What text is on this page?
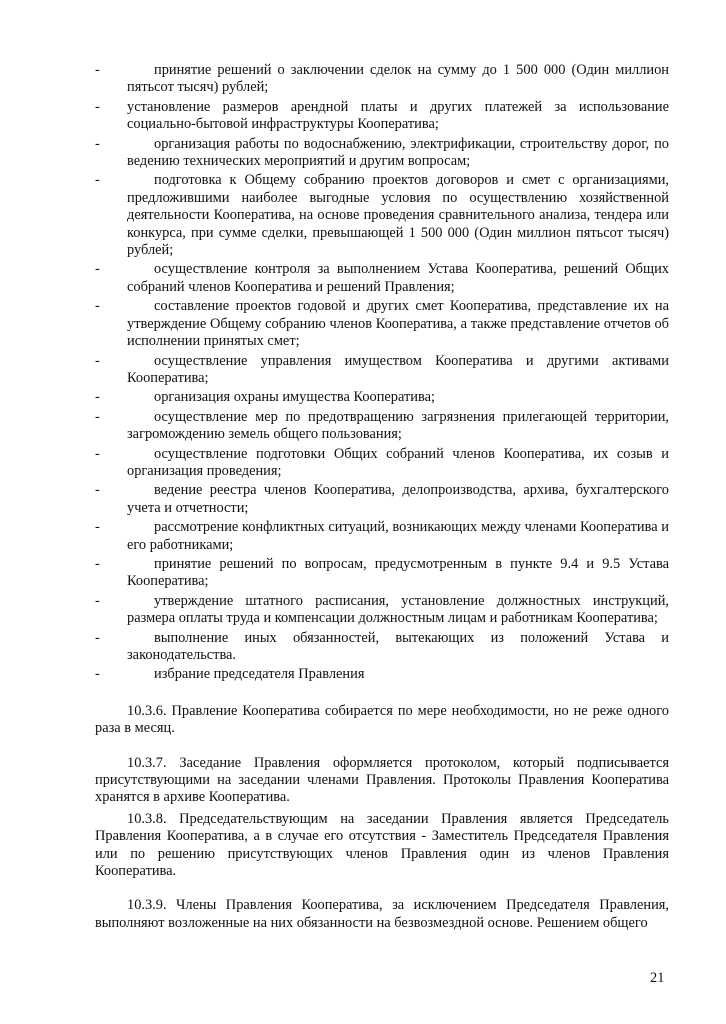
-	принятие решений о заключении сделок на сумму до 1 500 000 (Один миллион пятьсот тысяч) рублей;
- установление размеров арендной платы и других платежей за использование социально-бытовой инфраструктуры Кооператива;
-	организация работы по водоснабжению, электрификации, строительству дорог, по ведению технических мероприятий и другим вопросам;
-	подготовка к Общему собранию проектов договоров и смет с организациями, предложившими наиболее выгодные условия по осуществлению хозяйственной деятельности Кооператива, на основе проведения сравнительного анализа, тендера или конкурса, при сумме сделки, превышающей 1 500 000 (Один миллион пятьсот тысяч) рублей;
-	осуществление контроля за выполнением Устава Кооператива, решений Общих собраний членов Кооператива и решений Правления;
-	составление проектов годовой и других смет Кооператива, представление их на утверждение Общему собранию членов Кооператива, а также представление отчетов об исполнении принятых смет;
-	осуществление управления имуществом Кооператива и другими активами Кооператива;
-	организация охраны имущества Кооператива;
-	осуществление мер по предотвращению загрязнения прилегающей территории, загромождению земель общего пользования;
-	осуществление подготовки Общих собраний членов Кооператива, их созыв и организация проведения;
-	ведение реестра членов Кооператива, делопроизводства, архива, бухгалтерского учета и отчетности;
-	рассмотрение конфликтных ситуаций, возникающих между членами Кооператива и его работниками;
-	принятие решений по вопросам, предусмотренным в пункте 9.4 и 9.5 Устава Кооператива;
-	утверждение штатного расписания, установление должностных инструкций, размера оплаты труда и компенсации должностным лицам и работникам Кооператива;
-	выполнение иных обязанностей, вытекающих из положений Устава и законодательства.
-	избрание председателя Правления

10.3.6. Правление Кооператива собирается по мере необходимости, но не реже одного раза в месяц.

10.3.7. Заседание Правления оформляется протоколом, который подписывается присутствующими на заседании членами Правления. Протоколы Правления Кооператива хранятся в архиве Кооператива.

10.3.8. Председательствующим на заседании Правления является Председатель Правления Кооператива, а в случае его отсутствия - Заместитель Председателя Правления или по решению присутствующих членов Правления один из членов Правления Кооператива.

10.3.9. Члены Правления Кооператива, за исключением Председателя Правления, выполняют возложенные на них обязанности на безвозмездной основе. Решением общего

21
